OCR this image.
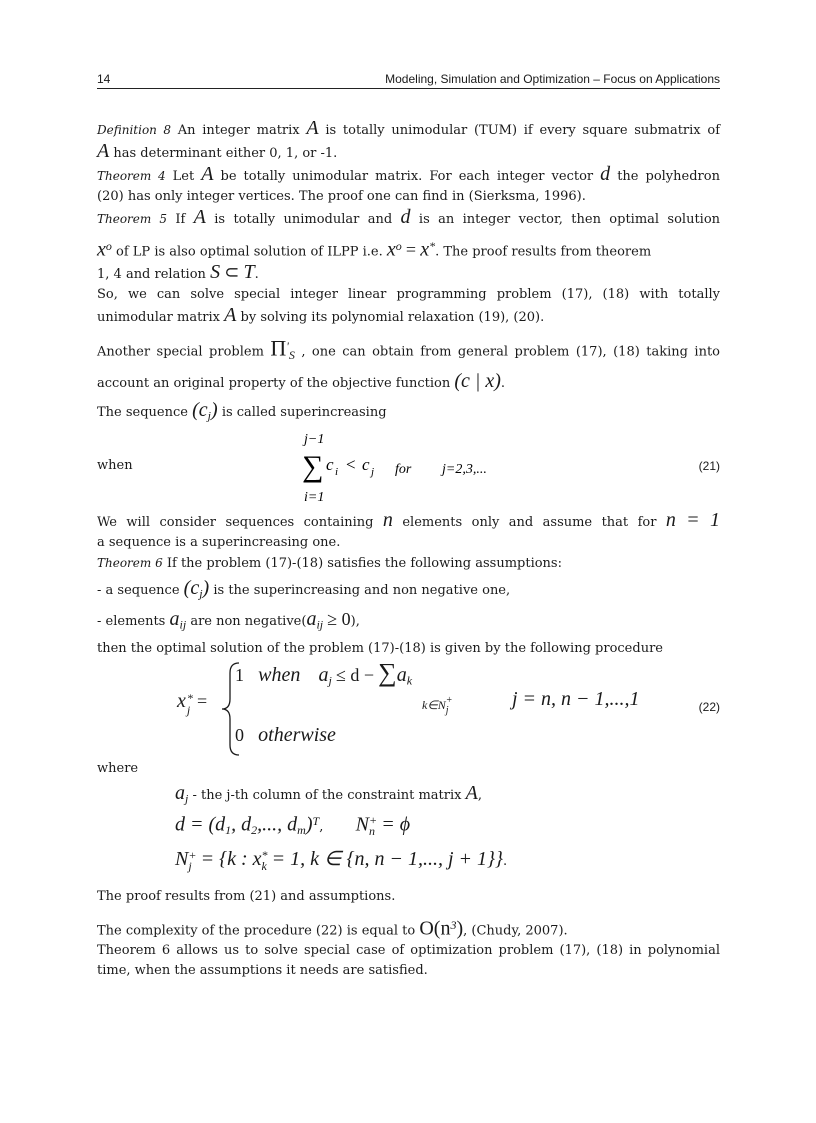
14	Modeling, Simulation and Optimization – Focus on Applications

Definition 8 An integer matrix A is totally unimodular (TUM) if every square submatrix of

A has determinant either 0, 1, or -1.

Theorem 4 Let A be totally unimodular matrix. For each integer vector d the polyhedron

(20) has only integer vertices. The proof one can find in (Sierksma, 1996).

Theorem 5 If A is totally unimodular and d is an integer vector, then optimal solution

$x^o$ of LP is also optimal solution of ILPP i.e. $x^o = x^*$. The proof results from theorem

1, 4 and relation S ⊂ T.

So, we can solve special integer linear programming problem (17), (18) with totally

unimodular matrix A by solving its polynomial relaxation (19), (20).

Another special problem $\Pi'_S$ , one can obtain from general problem (17), (18) taking into

account an original property of the objective function (c | x).

The sequence $(c_j)$ is called superincreasing

when
j−1
∑ c i < c j for j=2,3,...
i=1
(21)

We will consider sequences containing n elements only and assume that for n = 1

a sequence is a superincreasing one.

Theorem 6 If the problem (17)-(18) satisfies the following assumptions:

- a sequence $(c_j)$ is the superincreasing and non negative one,

- elements $a_{ij}$ are non $negative(a_{ij} \ge 0)$,

then the optimal solution of the problem (17)-(18) is given by the following procedure

x *
j =
1 when $a_j \le d - \sum a_k$
k∈N +
j
j = n, n − 1,...,1
0 otherwise
(22)

where

$a_j$ - the j-th column of the constraint matrix A,

$d = (d_1$, $d_2$,..., $d_m)^T$, N +
n = ϕ
N +
j = {k : x *
k = 1, k ∈ {n, n − 1,..., j + 1}}.

The proof results from (21) and assumptions.

The complexity of the procedure (22) is equal to $O(n^3)$, (Chudy, 2007).

Theorem 6 allows us to solve special case of optimization problem (17), (18) in polynomial

time, when the assumptions it needs are satisfied.
